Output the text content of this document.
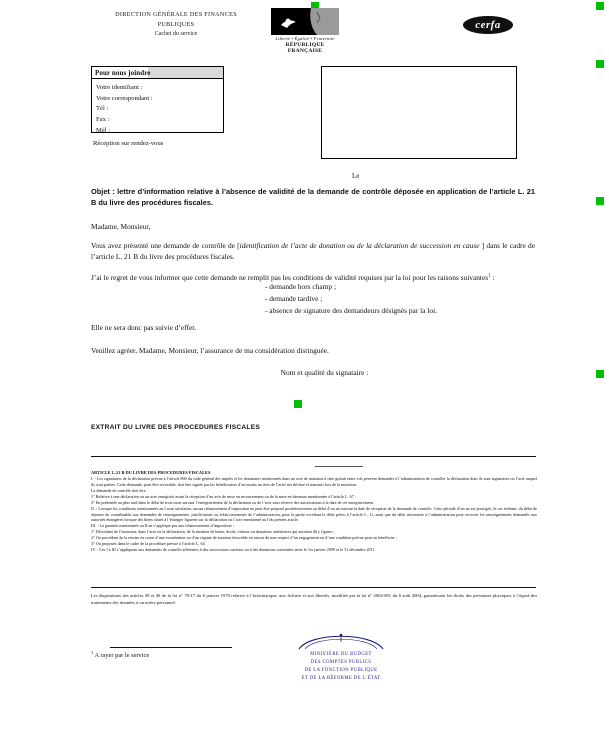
DIRECTION GÉNÉRALE DES FINANCES
PUBLIQUES
Cachet du service
Liberté • Égalité • Fraternité
RÉPUBLIQUE FRANÇAISE
cerfa
Pour nous joindre
Votre identifiant :
Votre correspondant :
Tél :
Fax :
Mél :
Réception sur rendez-vous
Le
Objet : lettre d’information relative à l’absence de validité de la demande de contrôle déposée en application de l’article L. 21 B du livre des procédures fiscales.
Madame, Monsieur,
Vous avez présenté une demande de contrôle de [identification de l’acte de donation ou de la déclaration de succession en cause ] dans le cadre de l’article L. 21 B du livre des procédures fiscales.
J’ai le regret de vous informer que cette demande ne remplit pas les conditions de validité requises par la loi pour les raisons suivantes$^1$ :
- demande hors champ ;
- demande tardive ;
- absence de signature des demandeurs désignés par la loi.
Elle ne sera donc pas suivie d’effet.
Veuillez agréer, Madame, Monsieur, l’assurance de ma considération distinguée.
Nom et qualité du signataire :
EXTRAIT DU LIVRE DES PROCEDURES FISCALES

ARTICLE L.21 B DU LIVRE DES PROCEDURES FISCALES

I. - Les signataires de la déclaration prévue à l’article 800 du code général des impôts et les donataires mentionnés dans un acte de mutation à titre gratuit entre vifs peuvent demander à l’administration de contrôler la déclaration dont ils sont signataires ou l’acte auquel ils sont parties. Cette demande, pour être recevable, doit être signée par les bénéficiaires d’au moins un tiers de l’actif net déclaré et transmis lors de la mutation.

La demande de contrôle doit être :

1° Relative à une déclaration ou un acte enregistré avant la réception d’un avis de mise en recouvrement ou de la mise en demeure mentionnée à l’article L. 67 ;

2° En présentée au plus tard dans le délai de trois mois suivant l’enregistrement de la déclaration ou de l’acte sous réserve des autorisations à la date de cet enregistrement.

II. - Lorsque les conditions mentionnées au I sont satisfaites, aucun rehaussement d’imposition ne peut être proposé postérieurement au délai d’un an suivant la date de réception de la demande de contrôle. Cette période d’un an est prorogée, le cas échéant, du délai de réponse du contribuable aux demandes de renseignements, justifications ou éclaircissements de l’administration, pour la partie excédant le délai prévu à l’article L. 11, ainsi que du délai nécessaire à l’administration pour recevoir les renseignements demandés aux autorités étrangères lorsque des biens situés à l’étranger figurent sur la déclaration ou l’acte mentionné au I du présent article.

III. - La garantie mentionnée au II ne s’applique pas aux rehaussements d’imposition :

1° Découlant de l’omission, dans l’acte ou la déclaration, de la mention de biens, droits, valeurs ou donations antérieures qui auraient dû y figurer ;

2° Ou procédant de la remise en cause d’une exonération ou d’un régime de taxation favorable en raison du non-respect d’un engagement ou d’une condition prévue pour en bénéficier ;

3° Ou proposés dans le cadre de la procédure prévue à l’article L. 64.

IV. - Les I à III s’appliquent aux demandes de contrôle afférentes à des successions ouvertes ou à des donations consenties entre le 1er janvier 2009 et le 31 décembre 2011.

Les dispositions des articles 39 et 40 de la loi n° 78-17 du 6 janvier 1978 relative à l’informatique, aux fichiers et aux libertés, modifiée par la loi n° 2004-801 du 6 août 2004, garantissent les droits des personnes physiques à l’égard des traitements des données à caractère personnel.
$^1$ A rayer par le service	MINISTÈRE DU BUDGET
DES COMPTES PUBLICS
DE LA FONCTION PUBLIQUE
ET DE LA RÉFORME DE L’ÉTAT
